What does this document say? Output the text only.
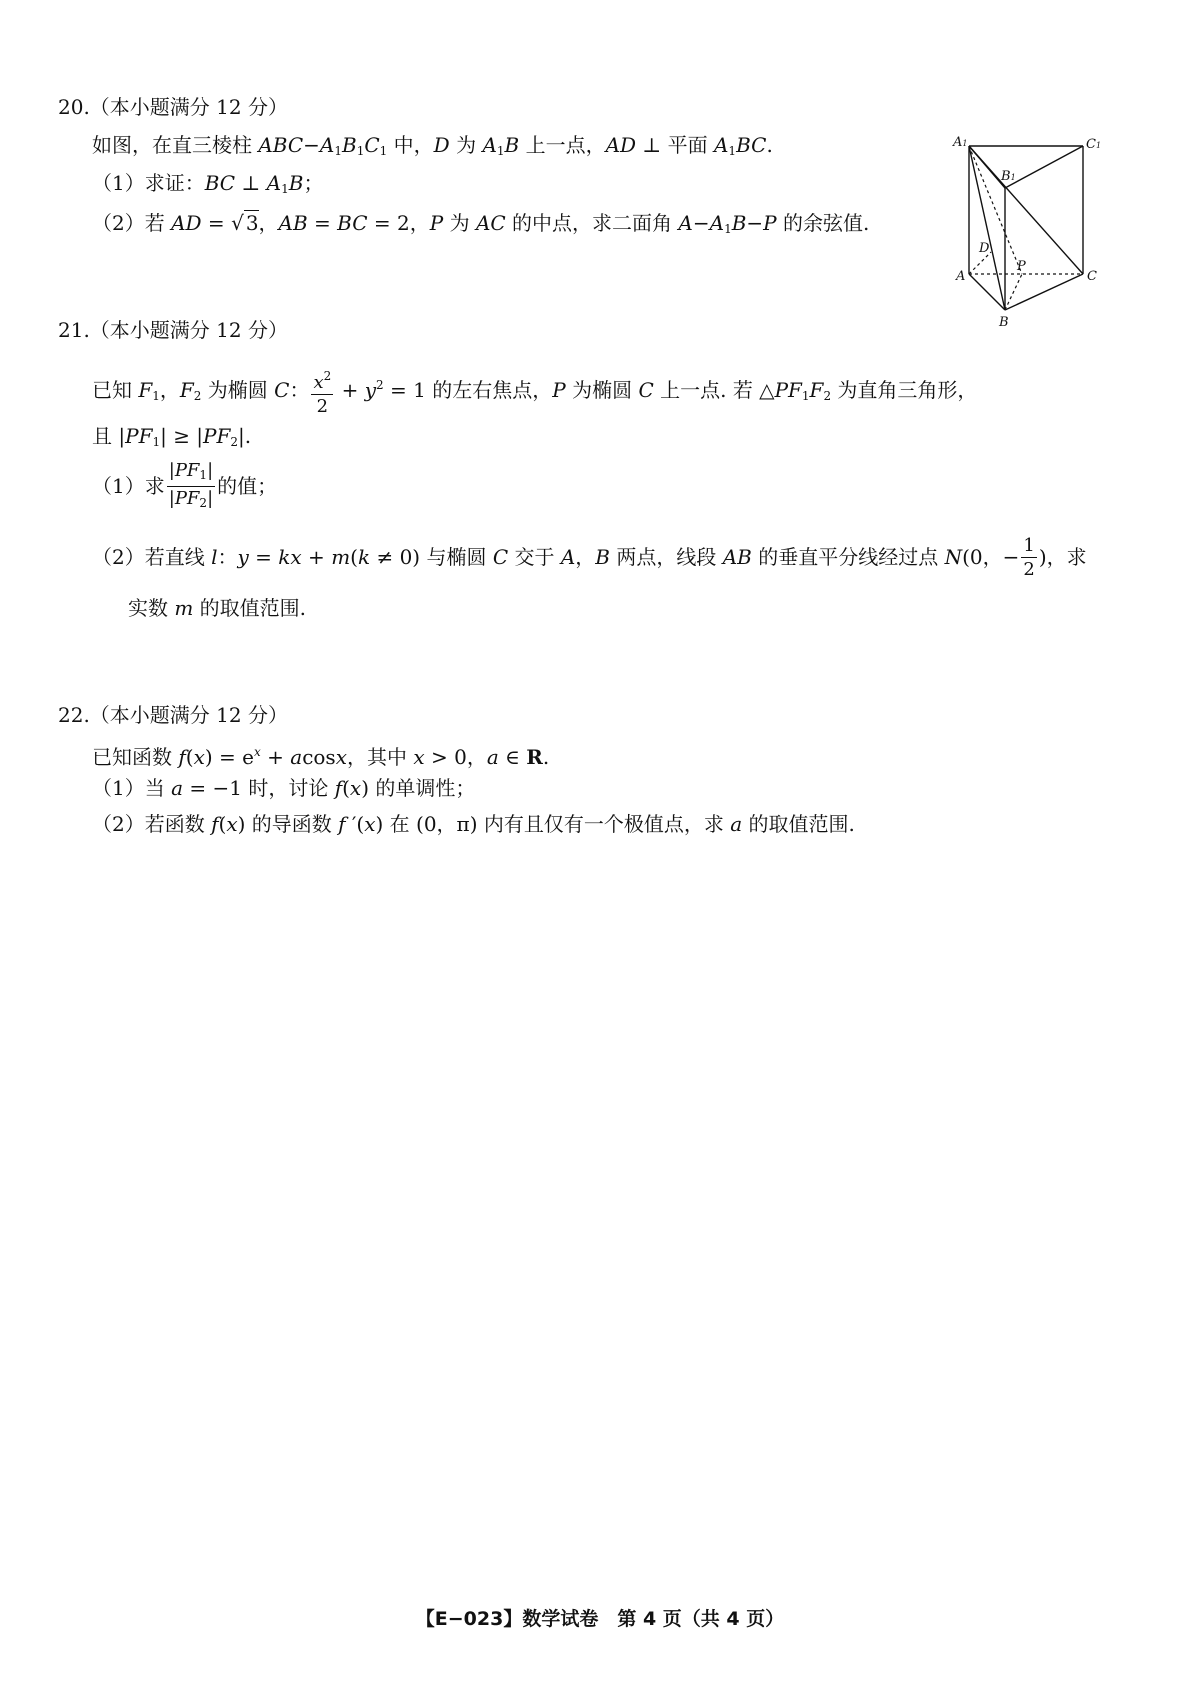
20.（本小题满分 12 分）
如图，在直三棱柱 $ABC-A_1B_1C_1$ 中，D 为 $A_1B$ 上一点，AD ⊥ 平面 $A_1BC$.
（1）求证：BC ⊥ $A_1B$；
（2）若 AD = √ 3，AB = BC = 2，P 为 AC 的中点，求二面角 $A-A_1B-P$ 的余弦值.
A1	C1
B1
D
A
P
C
B
21.（本小题满分 12 分）
已知 $F_1$，$F_2$ 为椭圆 C： $\frac{x^2}{2} + y^2 = 1$ 的左右焦点，P 为椭圆 C 上一点. 若 $\triangle PF_1F_2$ 为直角三角形，
且 $|PF_1| \ge |PF_2|$.
（1）求 $\frac{|PF_1|}{|PF_2|}$ 的值；
（2）若直线 l：y = kx + m(k ≠ 0) 与椭圆 C 交于 A，B 两点，线段 AB 的垂直平分线经过点 N(0，− $\frac{1}{2}$ )，求
实数 m 的取值范围.
22.（本小题满分 12 分）
已知函数 $f(x) = e^x + acosx$，其中 x > 0，a ∈ R.
（1）当 a = −1 时，讨论 f(x) 的单调性；
（2）若函数 f(x) 的导函数 f ′(x) 在 (0，π) 内有且仅有一个极值点，求 a 的取值范围.
【E−023】数学试卷　第 4 页（共 4 页）
